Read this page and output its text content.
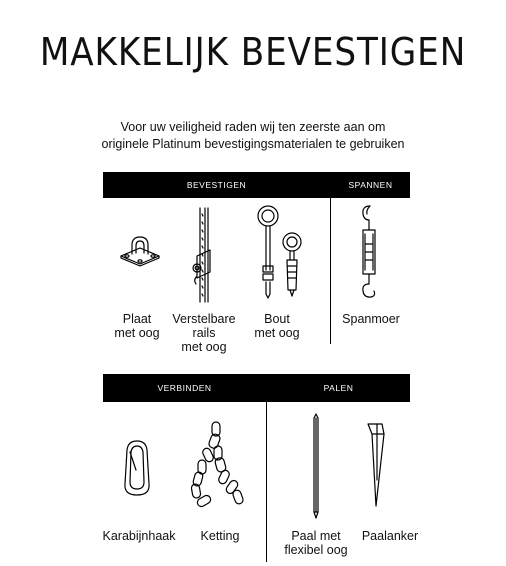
MAKKELIJK BEVESTIGEN
Voor uw veiligheid raden wij ten zeerste aan om
originele Platinum bevestigingsmaterialen te gebruiken
BEVESTIGEN	SPANNEN
VERBINDEN	PALEN
Plaat
met oog
Verstelbare
rails
met oog
Bout
met oog
Spanmoer
Karabijnhaak	Ketting	Paal met
flexibel oog
Paalanker
